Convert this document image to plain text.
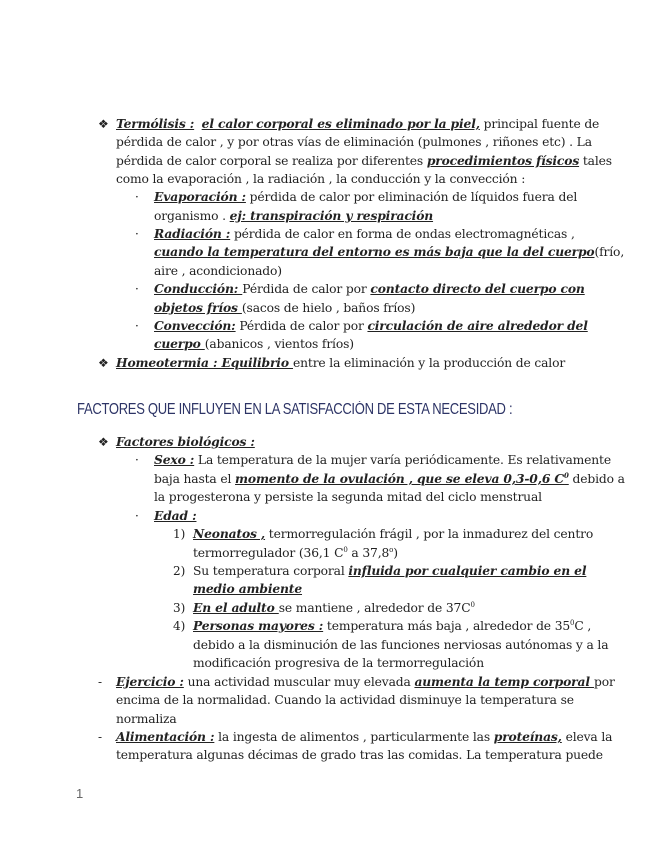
❖ Termólisis : el calor corporal es eliminado por la piel, principal fuente de
pérdida de calor , y por otras vías de eliminación (pulmones , riñones etc) . La
pérdida de calor corporal se realiza por diferentes procedimientos físicos tales
como la evaporación , la radiación , la conducción y la convección :
· Evaporación : pérdida de calor por eliminación de líquidos fuera del
organismo . ej: transpiración y respiración
· Radiación : pérdida de calor en forma de ondas electromagnéticas ,
cuando la temperatura del entorno es más baja que la del cuerpo(frío,
aire , acondicionado)
· Conducción: Pérdida de calor por contacto directo del cuerpo con
objetos fríos (sacos de hielo , baños fríos)
· Convección: Pérdida de calor por circulación de aire alrededor del
cuerpo (abanicos , vientos fríos)
❖ Homeotermia : Equilibrio entre la eliminación y la producción de calor
FACTORES QUE INFLUYEN EN LA SATISFACCIÓN DE ESTA NECESIDAD :
❖ Factores biológicos :
· Sexo : La temperatura de la mujer varía periódicamente. Es relativamente
baja hasta el momento de la ovulación , que se eleva 0,3-0,6 $C^0$ debido a
la progesterona y persiste la segunda mitad del ciclo menstrual
· Edad :
1) Neonatos , termorregulación frágil , por la inmadurez del centro
termorregulador (36,1 $C^0$ a 37,8$^o$)
2) Su temperatura corporal influida por cualquier cambio en el
medio ambiente
3) En el adulto se mantiene , alrededor de $37C^0$
4) Personas mayores : temperatura más baja , alrededor de $35^0C$ ,
debido a la disminución de las funciones nerviosas autónomas y a la
modificación progresiva de la termorregulación
- Ejercicio : una actividad muscular muy elevada aumenta la temp corporal por
encima de la normalidad. Cuando la actividad disminuye la temperatura se
normaliza
- Alimentación : la ingesta de alimentos , particularmente las proteínas, eleva la
temperatura algunas décimas de grado tras las comidas. La temperatura puede
1
